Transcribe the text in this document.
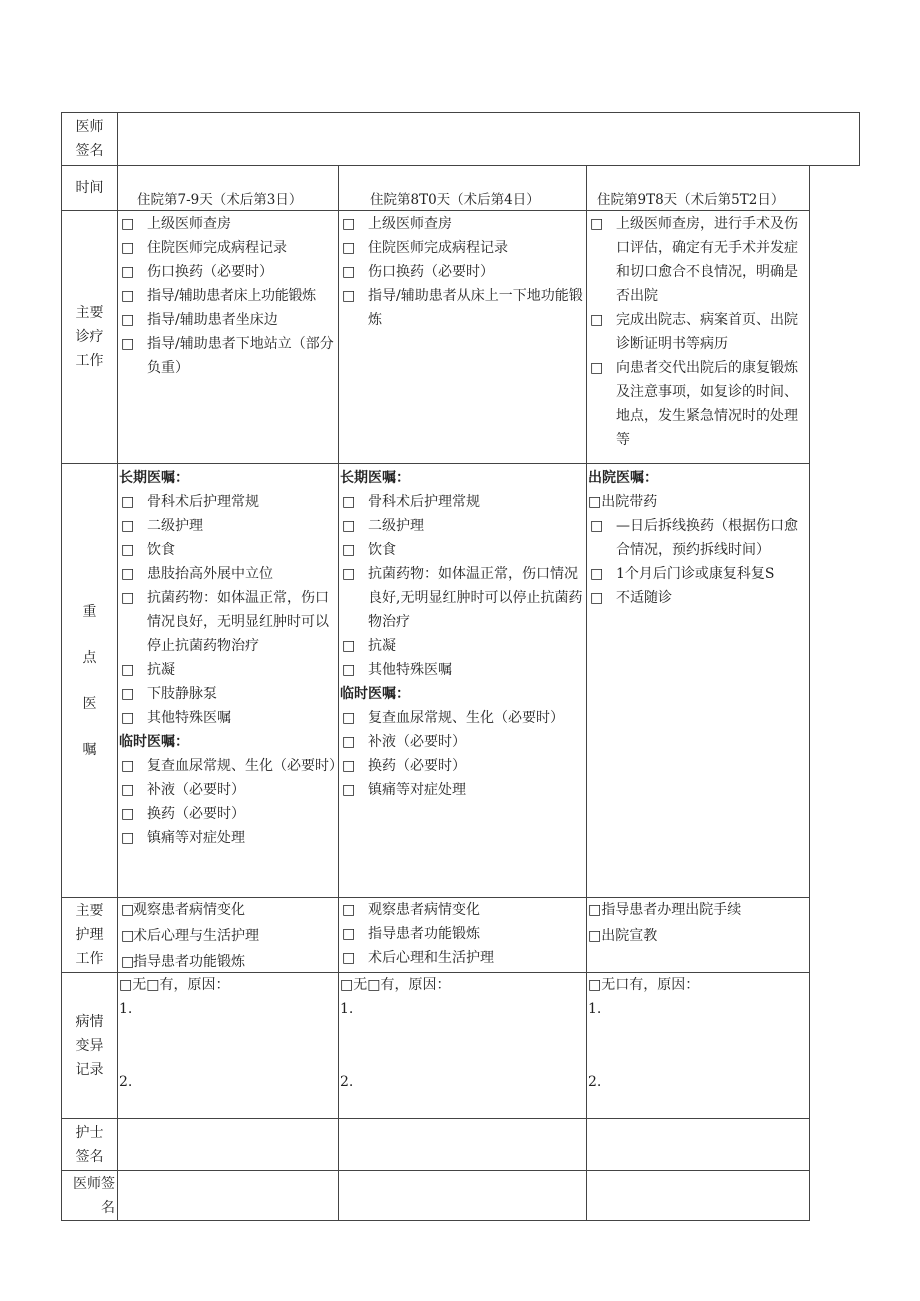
医师
签名
时间
主要
诊疗
工作
重
点
医
嘱
主要
护理
工作
病情
变异
记录
护士
签名
医师签
名
住院第7-9天（术后第3日）	住院第8T0天（术后第4日）	住院第9T8天（术后第5T2日）
□ 上级医师查房
□ 住院医师完成病程记录
□ 伤口换药（必要时）
□ 指导/辅助患者床上功能锻炼
□ 指导/辅助患者坐床边
□ 指导/辅助患者下地站立（部分负重）
□ 上级医师查房
□ 住院医师完成病程记录
□ 伤口换药（必要时）
□ 指导/辅助患者从床上一下地功能锻炼
□ 上级医师查房，进行手术及伤口评估，确定有无手术并发症和切口愈合不良情况，明确是否出院
□ 完成出院志、病案首页、出院诊断证明书等病历
□ 向患者交代出院后的康复锻炼及注意事项，如复诊的时间、地点，发生紧急情况时的处理等
长期医嘱：
□ 骨科术后护理常规
□ 二级护理
□ 饮食
□ 患肢抬高外展中立位
□ 抗菌药物：如体温正常，伤口情况良好，无明显红肿时可以停止抗菌药物治疗
□ 抗凝
□ 下肢静脉泵
□ 其他特殊医嘱
临时医嘱：
□ 复查血尿常规、生化（必要时）
□ 补液（必要时）
□ 换药（必要时）
□ 镇痛等对症处理
长期医嘱：
□ 骨科术后护理常规
□ 二级护理
□ 饮食
□ 抗菌药物：如体温正常，伤口情况良好,无明显红肿时可以停止抗菌药物治疗
□ 抗凝
□ 其他特殊医嘱
临时医嘱：
□ 复查血尿常规、生化（必要时）
□ 补液（必要时）
□ 换药（必要时）
□ 镇痛等对症处理
出院医嘱：
□出院带药
□ —日后拆线换药（根据伤口愈合情况，预约拆线时间）
□ 1个月后门诊或康复科复S
□ 不适随诊
□
观察患者病情变化
□
术后心理与生活护理
□
指导患者功能锻炼
□ 观察患者病情变化
□ 指导患者功能锻炼
□ 术后心理和生活护理
□指导患者办理出院手续
□出院宣教
□无□有，原因：
1.
2.
□无□有，原因：
1.
2.
□无口有，原因：
1.
2.
